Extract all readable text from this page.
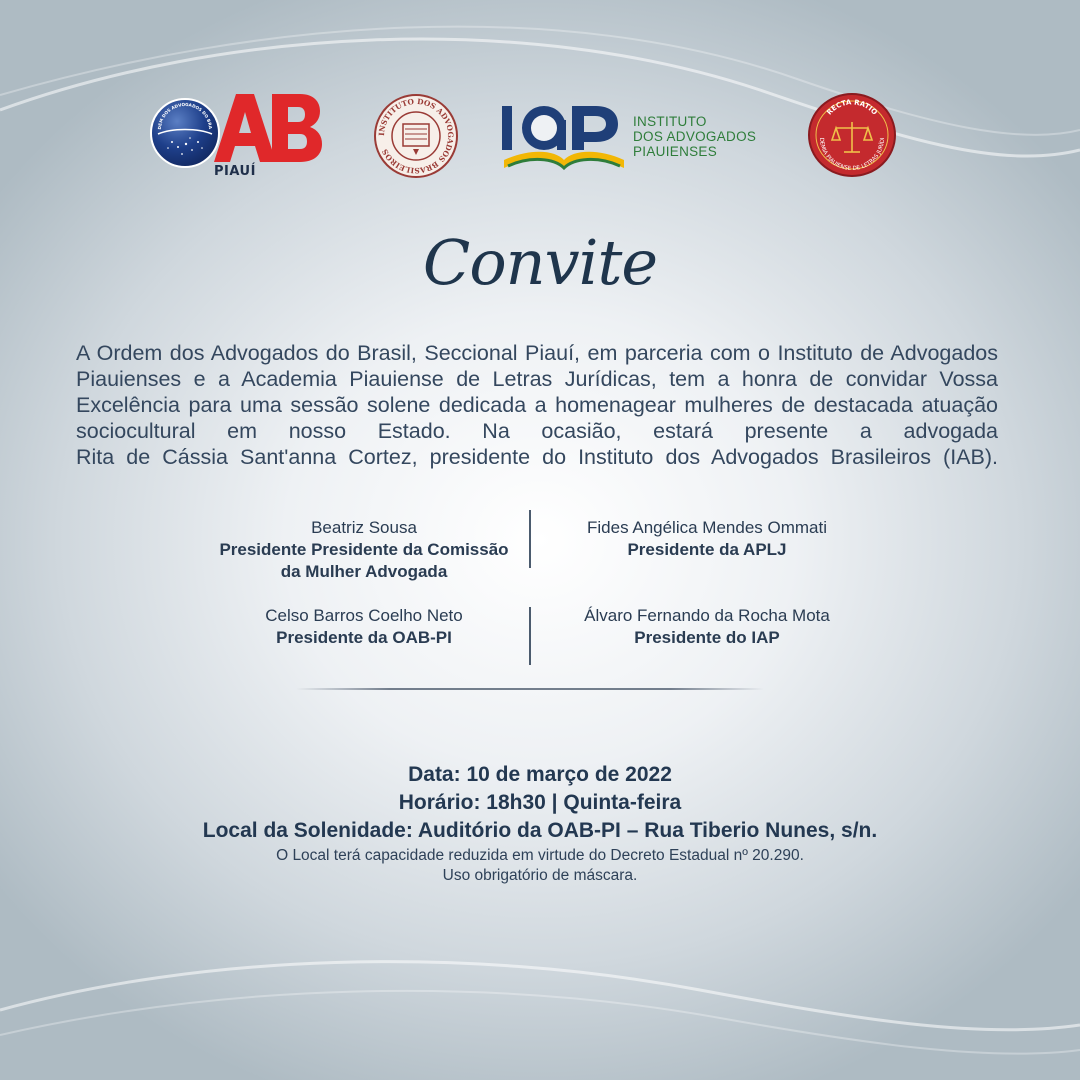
DEM DOS ADVOGADOS DO BRA
PIAUÍ
INSTITUTO DOS ADVOGADOS BRASILEIROS
INSTITUTO
DOS ADVOGADOS
PIAUIENSES
RECTA RATIO
DEMIA PIAUIENSE DE LETRAS JURÍDI
Convite

A Ordem dos Advogados do Brasil, Seccional Piauí, em parceria com o Instituto de Advogados Piauienses e a Academia Piauiense de Letras Jurídicas, tem a honra de convidar Vossa Excelência para uma sessão solene dedicada a homenagear mulheres de destacada atuação sociocultural em nosso Estado. Na ocasião, estará presente a advogada
Rita de Cássia Sant'anna Cortez, presidente do Instituto dos Advogados Brasileiros (IAB).

Beatriz Sousa
Presidente Presidente da Comissão da Mulher Advogada
Fides Angélica Mendes Ommati
Presidente da APLJ
Celso Barros Coelho Neto
Presidente da OAB-PI
Álvaro Fernando da Rocha Mota
Presidente do IAP
Data: 10 de março de 2022
Horário: 18h30 | Quinta-feira
Local da Solenidade: Auditório da OAB-PI – Rua Tiberio Nunes, s/n.
O Local terá capacidade reduzida em virtude do Decreto Estadual nº 20.290.
Uso obrigatório de máscara.
